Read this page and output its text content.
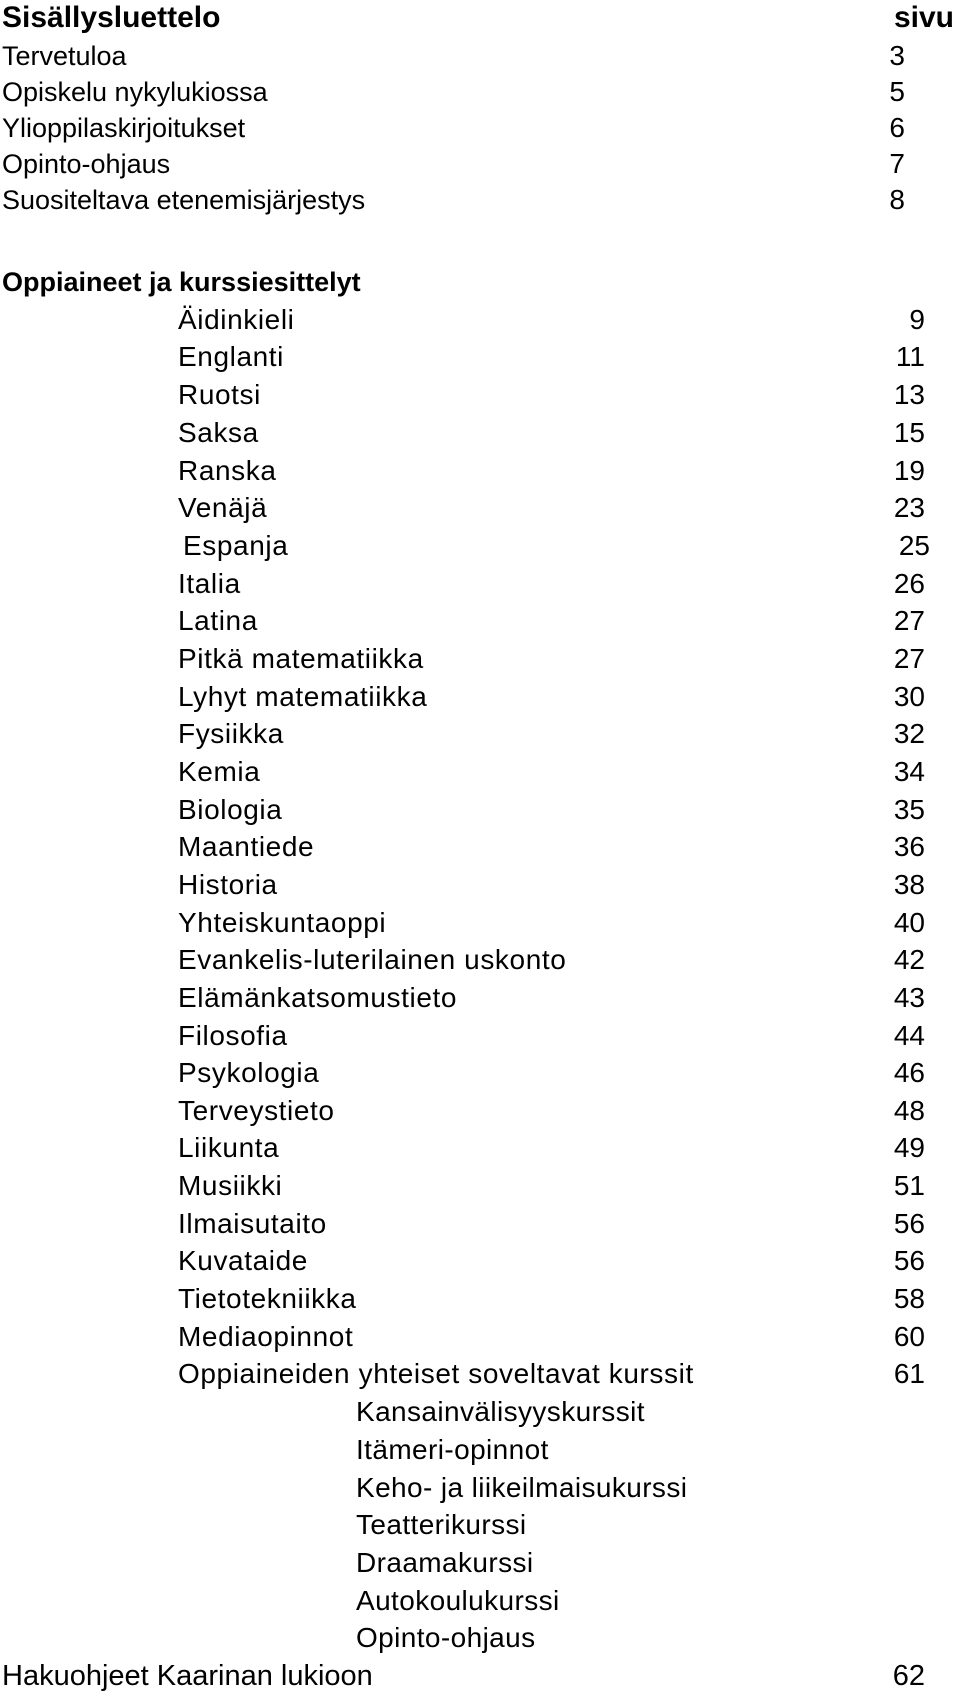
Sisällysluettelo	sivu
Tervetuloa	3
Opiskelu nykylukiossa	5
Ylioppilaskirjoitukset	6
Opinto-ohjaus	7
Suositeltava etenemisjärjestys	8
Oppiaineet ja kurssiesittelyt
Äidinkieli	9
Englanti	11
Ruotsi	13
Saksa	15
Ranska	19
Venäjä	23
Espanja	25
Italia	26
Latina	27
Pitkä matematiikka	27
Lyhyt matematiikka	30
Fysiikka	32
Kemia	34
Biologia	35
Maantiede	36
Historia	38
Yhteiskuntaoppi	40
Evankelis-luterilainen uskonto	42
Elämänkatsomustieto	43
Filosofia	44
Psykologia	46
Terveystieto	48
Liikunta	49
Musiikki	51
Ilmaisutaito	56
Kuvataide	56
Tietotekniikka	58
Mediaopinnot	60
Oppiaineiden yhteiset soveltavat kurssit	61
Kansainvälisyyskurssit
Itämeri-opinnot
Keho- ja liikeilmaisukurssi
Teatterikurssi
Draamakurssi
Autokoulukurssi
Opinto-ohjaus
Hakuohjeet Kaarinan lukioon	62
